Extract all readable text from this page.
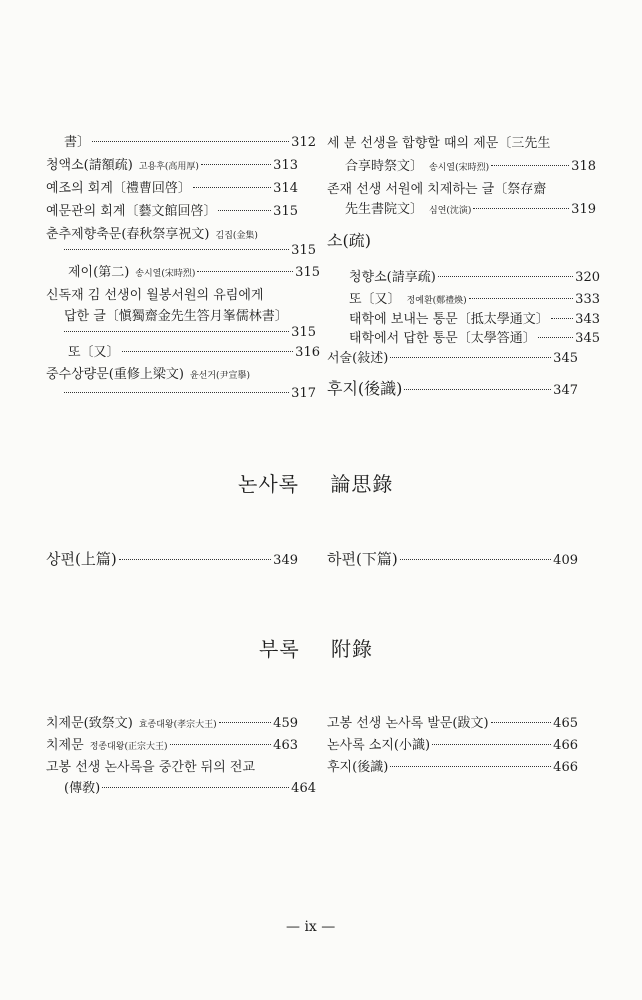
書〕	312
청액소(請額疏) 고용후(高用厚)	313
예조의 회계〔禮曹回啓〕	314
예문관의 회계〔藝文館回啓〕	315
춘추제향축문(春秋祭享祝文) 김집(金集)
315
제이(第二) 송시열(宋時烈)	315
신독재 김 선생이 월봉서원의 유림에게
답한 글〔愼獨齋金先生答月峯儒林書〕
315
또〔又〕	316
중수상량문(重修上梁文) 윤선거(尹宣擧)
317
세 분 선생을 합향할 때의 제문〔三先生
合享時祭文〕 송시열(宋時烈)	318
존재 선생 서원에 치제하는 글〔祭存齋
先生書院文〕 심연(沈演)	319
소(疏)
청향소(請享疏)	320
또〔又〕 정예환(鄭禮煥)	333
태학에 보내는 통문〔抵太學通文〕 343
태학에서 답한 통문〔太學答通〕	345
서술(敍述)	345
후지(後識)	347
논사록 論思錄
상편(上篇)	349 하편(下篇)	409
부록 附錄
치제문(致祭文) 효종대왕(孝宗大王)	459
치제문 정종대왕(正宗大王)	463
고봉 선생 논사록을 중간한 뒤의 전교
(傳敎)	464
고봉 선생 논사록 발문(跋文)	465
논사록 소지(小識)	466
후지(後識)	466
— ix —
